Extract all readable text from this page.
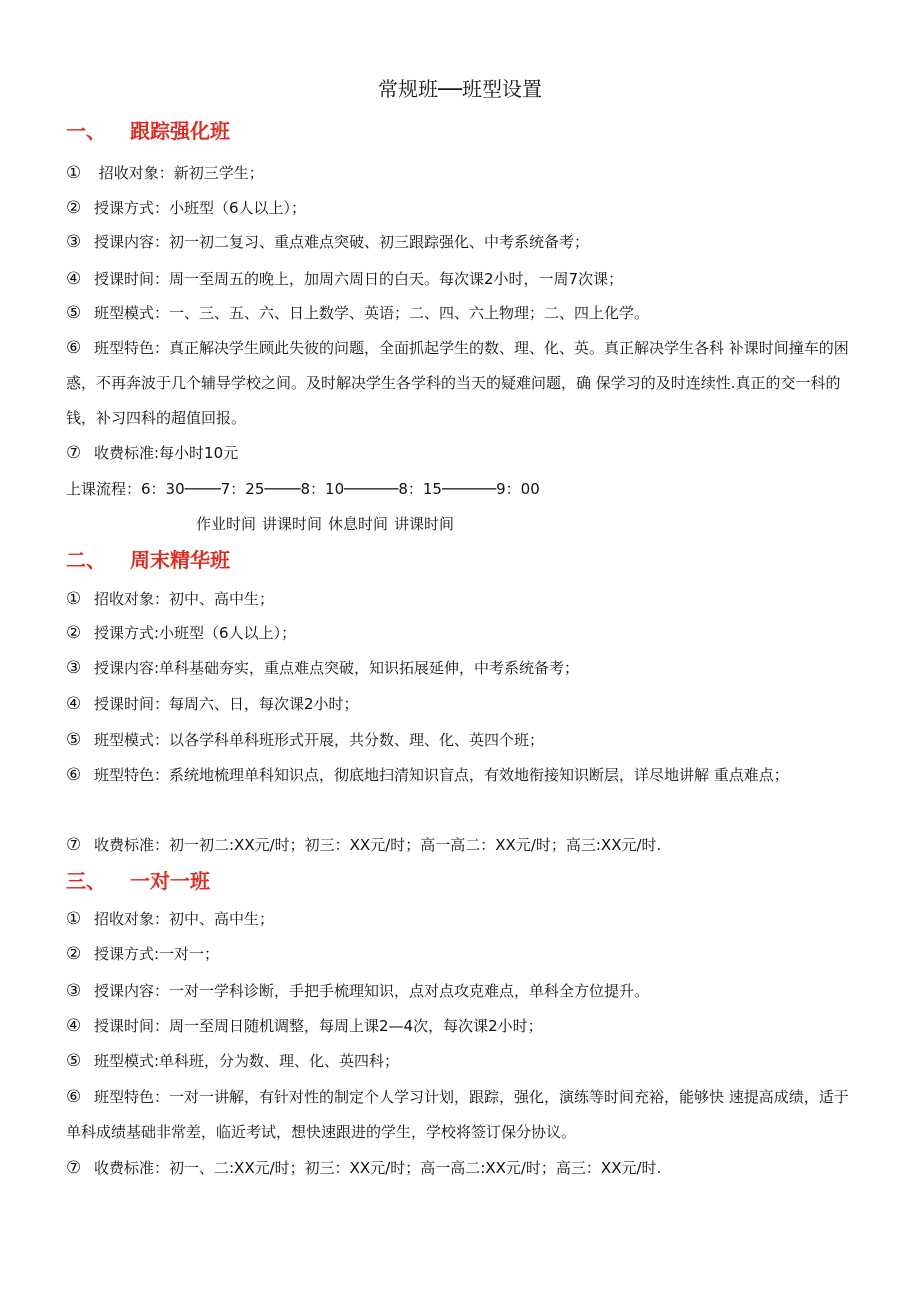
常规班──班型设置
一、 跟踪强化班
① 招收对象：新初三学生；
② 授课方式：小班型（6人以上）；
③ 授课内容：初一初二复习、重点难点突破、初三跟踪强化、中考系统备考；
④ 授课时间：周一至周五的晚上，加周六周日的白天。每次课2小时，一周7次课；
⑤ 班型模式：一、三、五、六、日上数学、英语；二、四、六上物理；二、四上化学。
⑥ 班型特色：真正解决学生顾此失彼的问题，全面抓起学生的数、理、化、英。真正解决学生各科 补课时间撞车的困惑，不再奔波于几个辅导学校之间。及时解决学生各学科的当天的疑难问题，确 保学习的及时连续性.真正的交一科的钱，补习四科的超值回报。
⑦ 收费标准:每小时10元
上课流程：6：30────7：25────8：10──────8：15──────9：00
作业时间 讲课时间 休息时间 讲课时间
二、 周末精华班
① 招收对象：初中、高中生；
② 授课方式:小班型（6人以上）；
③ 授课内容:单科基础夯实，重点难点突破，知识拓展延伸，中考系统备考；
④ 授课时间：每周六、日，每次课2小时；
⑤ 班型模式：以各学科单科班形式开展，共分数、理、化、英四个班；
⑥ 班型特色：系统地梳理单科知识点，彻底地扫清知识盲点，有效地衔接知识断层，详尽地讲解 重点难点；
⑦ 收费标准：初一初二:XX元/时；初三：XX元/时；高一高二：XX元/时；高三:XX元/时.
三、 一对一班
① 招收对象：初中、高中生；
② 授课方式:一对一；
③ 授课内容：一对一学科诊断，手把手梳理知识，点对点攻克难点，单科全方位提升。
④ 授课时间：周一至周日随机调整，每周上课2—4次，每次课2小时；
⑤ 班型模式:单科班，分为数、理、化、英四科；
⑥ 班型特色：一对一讲解，有针对性的制定个人学习计划，跟踪，强化，演练等时间充裕，能够快 速提高成绩，适于单科成绩基础非常差，临近考试，想快速跟进的学生，学校将签订保分协议。
⑦ 收费标准：初一、二:XX元/时；初三：XX元/时；高一高二:XX元/时；高三：XX元/时.
